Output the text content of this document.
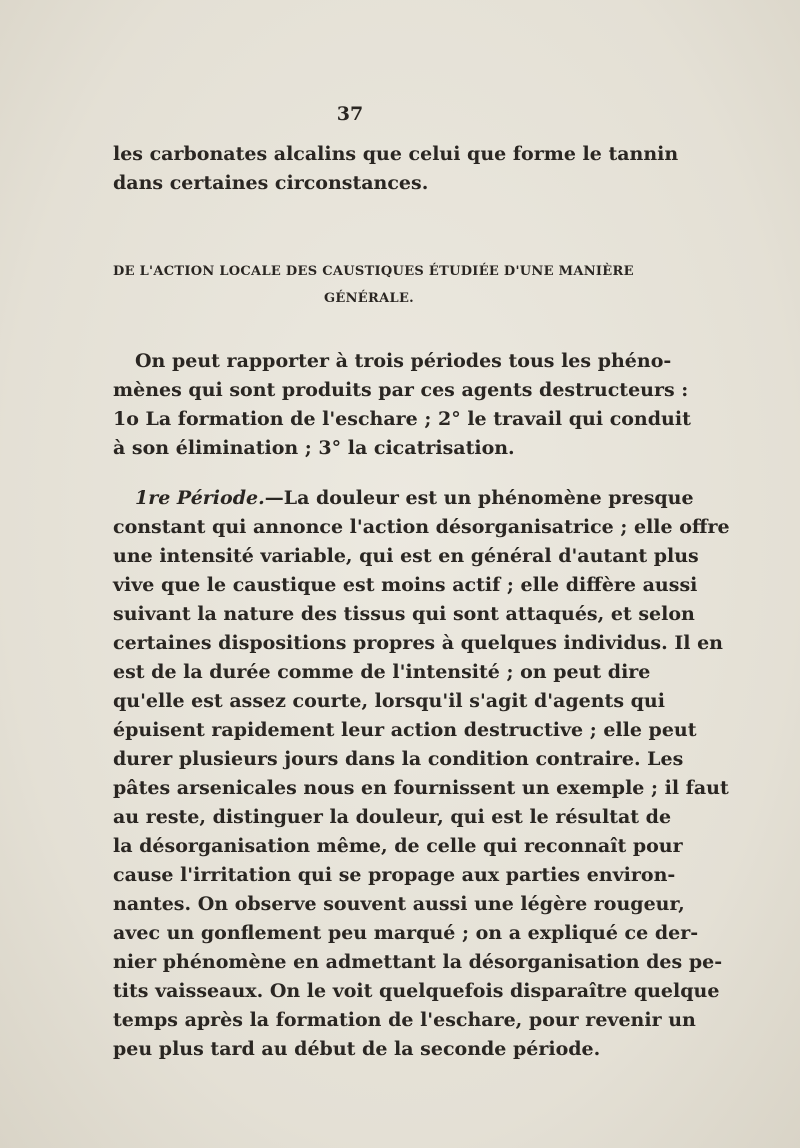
37
les carbonates alcalins que celui que forme le tannin
dans certaines circonstances.
DE L'ACTION LOCALE DES CAUSTIQUES ÉTUDIÉE D'UNE MANIÈRE
GÉNÉRALE.
On peut rapporter à trois périodes tous les phéno-
mènes qui sont produits par ces agents destructeurs :
1o La formation de l'eschare ; 2° le travail qui conduit
à son élimination ; 3° la cicatrisation.
1re Période.—La douleur est un phénomène presque
constant qui annonce l'action désorganisatrice ; elle offre
une intensité variable, qui est en général d'autant plus
vive que le caustique est moins actif ; elle diffère aussi
suivant la nature des tissus qui sont attaqués, et selon
certaines dispositions propres à quelques individus. Il en
est de la durée comme de l'intensité ; on peut dire
qu'elle est assez courte, lorsqu'il s'agit d'agents qui
épuisent rapidement leur action destructive ; elle peut
durer plusieurs jours dans la condition contraire. Les
pâtes arsenicales nous en fournissent un exemple ; il faut
au reste, distinguer la douleur, qui est le résultat de
la désorganisation même, de celle qui reconnaît pour
cause l'irritation qui se propage aux parties environ-
nantes. On observe souvent aussi une légère rougeur,
avec un gonflement peu marqué ; on a expliqué ce der-
nier phénomène en admettant la désorganisation des pe-
tits vaisseaux. On le voit quelquefois disparaître quelque
temps après la formation de l'eschare, pour revenir un
peu plus tard au début de la seconde période.
